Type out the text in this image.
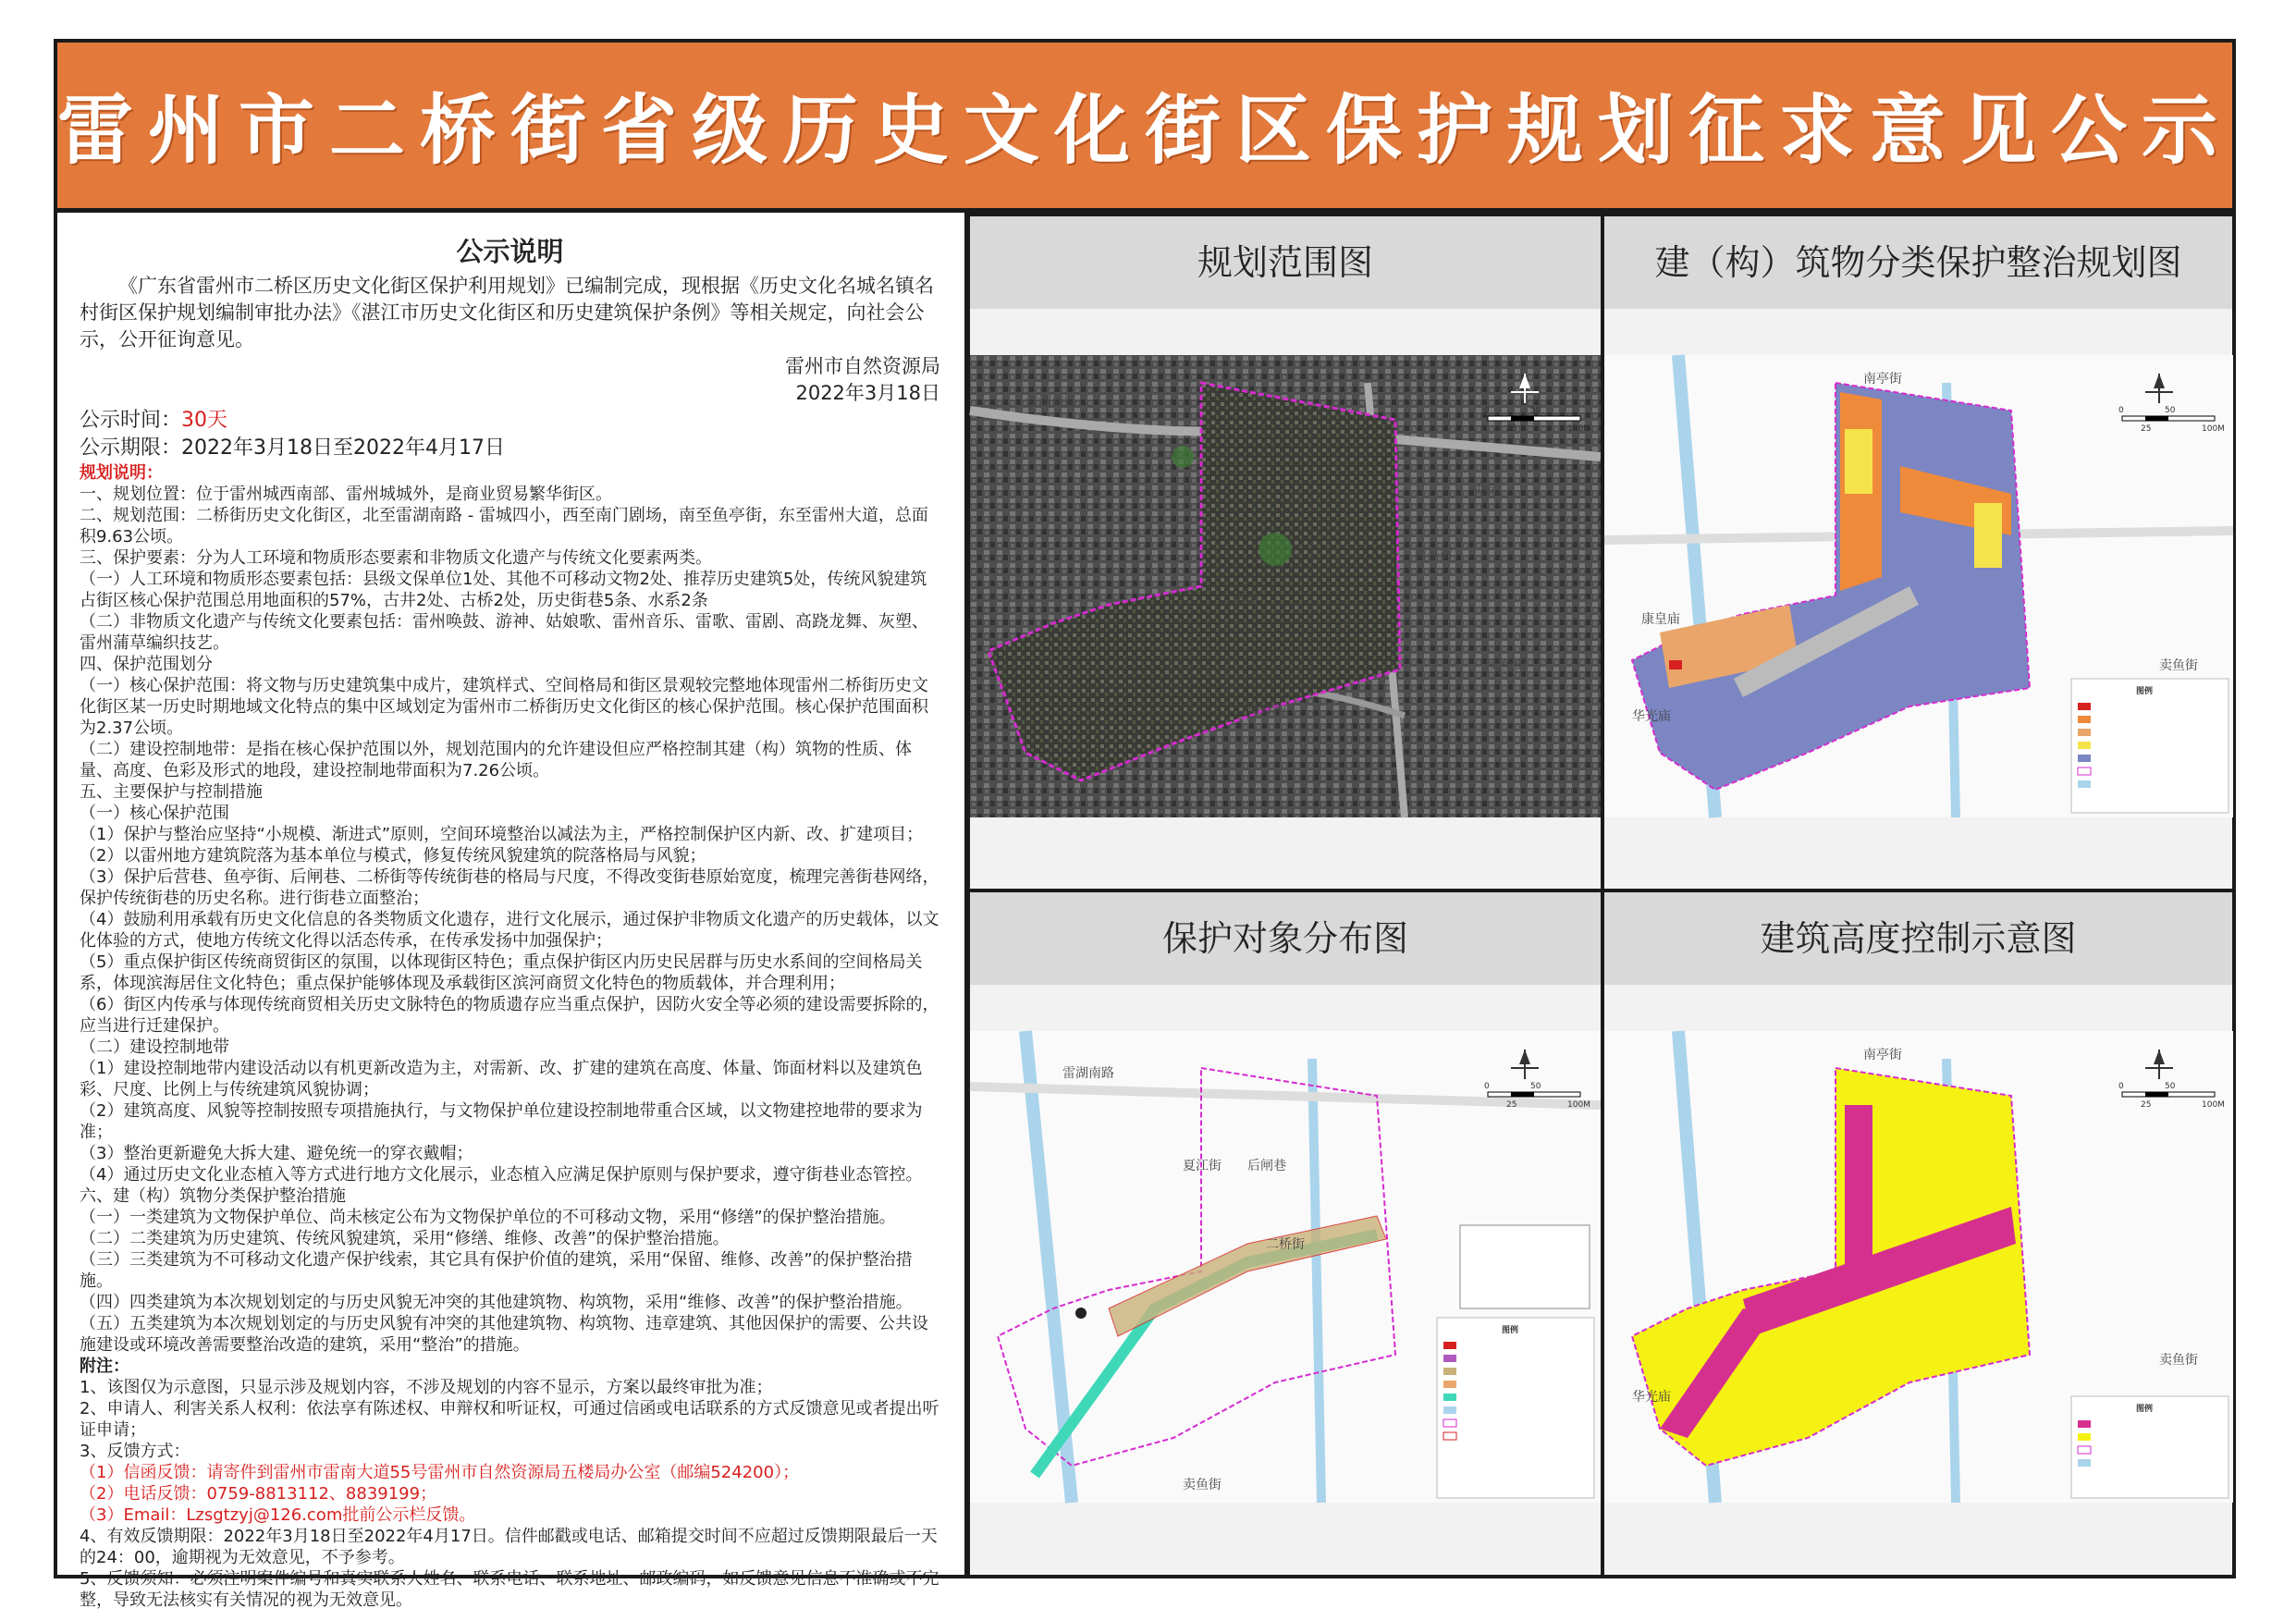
雷州市二桥街省级历史文化街区保护规划征求意见公示
公示说明

《广东省雷州市二桥区历史文化街区保护利用规划》已编制完成，现根据《历史文化名城名镇名村街区保护规划编制审批办法》《湛江市历史文化街区和历史建筑保护条例》等相关规定，向社会公示，公开征询意见。

雷州市自然资源局

2022年3月18日

公示时间：30天

公示期限：2022年3月18日至2022年4月17日

规划说明：

一、规划位置：位于雷州城西南部、雷州城城外，是商业贸易繁华街区。

二、规划范围：二桥街历史文化街区，北至雷湖南路 - 雷城四小，西至南门剧场，南至鱼亭街，东至雷州大道，总面积9.63公顷。

三、保护要素：分为人工环境和物质形态要素和非物质文化遗产与传统文化要素两类。

（一）人工环境和物质形态要素包括：县级文保单位1处、其他不可移动文物2处、推荐历史建筑5处，传统风貌建筑占街区核心保护范围总用地面积的57%，古井2处、古桥2处，历史街巷5条、水系2条

（二）非物质文化遗产与传统文化要素包括：雷州唤鼓、游神、姑娘歌、雷州音乐、雷歌、雷剧、高跷龙舞、灰塑、雷州蒲草编织技艺。

四、保护范围划分

（一）核心保护范围：将文物与历史建筑集中成片，建筑样式、空间格局和街区景观较完整地体现雷州二桥街历史文化街区某一历史时期地域文化特点的集中区域划定为雷州市二桥街历史文化街区的核心保护范围。核心保护范围面积为2.37公顷。

（二）建设控制地带：是指在核心保护范围以外，规划范围内的允许建设但应严格控制其建（构）筑物的性质、体量、高度、色彩及形式的地段，建设控制地带面积为7.26公顷。

五、主要保护与控制措施

（一）核心保护范围

（1）保护与整治应坚持“小规模、渐进式”原则，空间环境整治以减法为主，严格控制保护区内新、改、扩建项目；

（2）以雷州地方建筑院落为基本单位与模式，修复传统风貌建筑的院落格局与风貌；

（3）保护后营巷、鱼亭街、后闸巷、二桥街等传统街巷的格局与尺度，不得改变街巷原始宽度，梳理完善街巷网络，保护传统街巷的历史名称。进行街巷立面整治；

（4）鼓励利用承载有历史文化信息的各类物质文化遗存，进行文化展示，通过保护非物质文化遗产的历史载体，以文化体验的方式，使地方传统文化得以活态传承，在传承发扬中加强保护；

（5）重点保护街区传统商贸街区的氛围，以体现街区特色；重点保护街区内历史民居群与历史水系间的空间格局关系，体现滨海居住文化特色；重点保护能够体现及承载街区滨河商贸文化特色的物质载体，并合理利用；

（6）街区内传承与体现传统商贸相关历史文脉特色的物质遗存应当重点保护，因防火安全等必须的建设需要拆除的，应当进行迁建保护。

（二）建设控制地带

（1）建设控制地带内建设活动以有机更新改造为主，对需新、改、扩建的建筑在高度、体量、饰面材料以及建筑色彩、尺度、比例上与传统建筑风貌协调；

（2）建筑高度、风貌等控制按照专项措施执行，与文物保护单位建设控制地带重合区域，以文物建控地带的要求为准；

（3）整治更新避免大拆大建、避免统一的穿衣戴帽；

（4）通过历史文化业态植入等方式进行地方文化展示，业态植入应满足保护原则与保护要求，遵守街巷业态管控。

六、建（构）筑物分类保护整治措施

（一）一类建筑为文物保护单位、尚未核定公布为文物保护单位的不可移动文物，采用“修缮”的保护整治措施。

（二）二类建筑为历史建筑、传统风貌建筑，采用“修缮、维修、改善”的保护整治措施。

（三）三类建筑为不可移动文化遗产保护线索，其它具有保护价值的建筑，采用“保留、维修、改善”的保护整治措施。

（四）四类建筑为本次规划划定的与历史风貌无冲突的其他建筑物、构筑物，采用“维修、改善”的保护整治措施。

（五）五类建筑为本次规划划定的与历史风貌有冲突的其他建筑物、构筑物、违章建筑、其他因保护的需要、公共设施建设或环境改善需要整治改造的建筑，采用“整治”的措施。

附注：

1、该图仅为示意图，只显示涉及规划内容，不涉及规划的内容不显示，方案以最终审批为准；

2、申请人、利害关系人权利：依法享有陈述权、申辩权和听证权，可通过信函或电话联系的方式反馈意见或者提出听证申请；

3、反馈方式：

（1）信函反馈：请寄件到雷州市雷南大道55号雷州市自然资源局五楼局办公室（邮编524200）；

（2）电话反馈：0759-8813112、8839199；

（3）Email：Lzsgtzyj@126.com批前公示栏反馈。

4、有效反馈期限：2022年3月18日至2022年4月17日。信件邮戳或电话、邮箱提交时间不应超过反馈期限最后一天的24：00，逾期视为无效意见，不予参考。

5、反馈须知：必须注明案件编号和真实联系人姓名、联系电话、联系地址、邮政编码，如反馈意见信息不准确或不完整，导致无法核实有关情况的视为无效意见。

规划范围图
雷湖南路
曲街
南亭街
卖鱼街
鱼亭街
二桥街
0
25
50
100M
建（构）筑物分类保护整治规划图
图例
南亭街
卖鱼街
华光庙
康皇庙
0
25
50
100M
保护对象分布图
图例
雷湖南路
夏江街 后闸巷
二桥街
卖鱼街
0
25
50
100M
建筑高度控制示意图
图例
南亭街
卖鱼街
华光庙
0
25
50
100M
